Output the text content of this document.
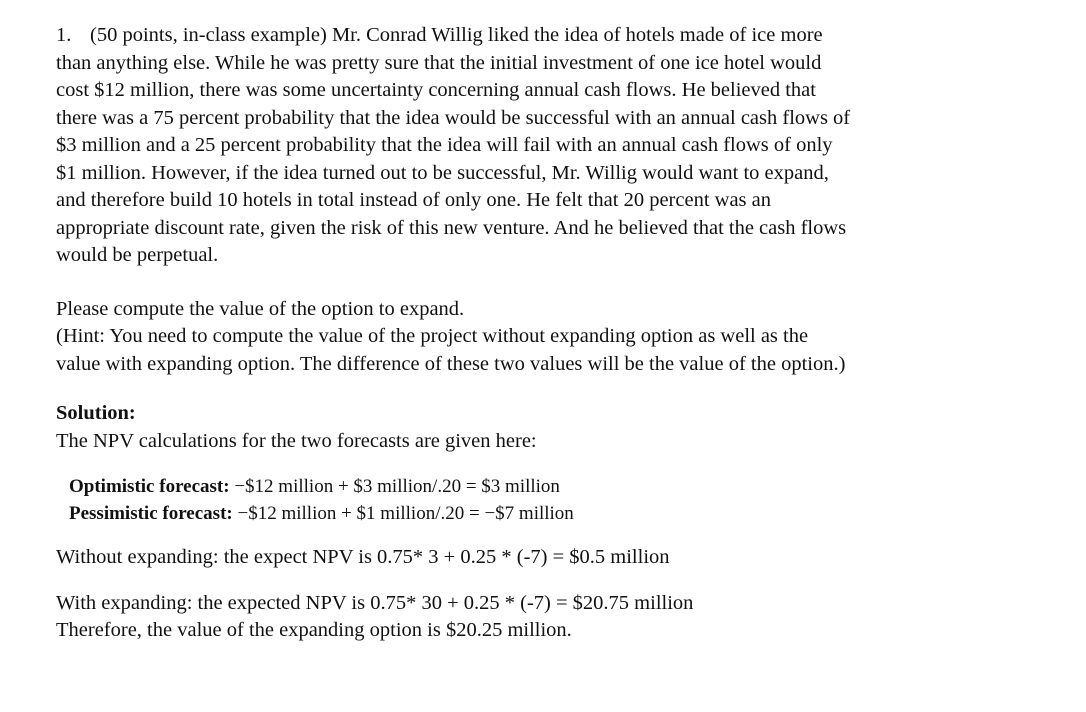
1. (50 points, in-class example) Mr. Conrad Willig liked the idea of hotels made of ice more
than anything else. While he was pretty sure that the initial investment of one ice hotel would
cost $12 million, there was some uncertainty concerning annual cash flows. He believed that
there was a 75 percent probability that the idea would be successful with an annual cash flows of
$3 million and a 25 percent probability that the idea will fail with an annual cash flows of only
$1 million. However, if the idea turned out to be successful, Mr. Willig would want to expand,
and therefore build 10 hotels in total instead of only one. He felt that 20 percent was an
appropriate discount rate, given the risk of this new venture. And he believed that the cash flows
would be perpetual.

Please compute the value of the option to expand.
(Hint: You need to compute the value of the project without expanding option as well as the
value with expanding option. The difference of these two values will be the value of the option.)

Solution:
The NPV calculations for the two forecasts are given here:

Optimistic forecast: −$12 million + $3 million/.20 = $3 million
Pessimistic forecast: −$12 million + $1 million/.20 = −$7 million

Without expanding: the expect NPV is 0.75* 3 + 0.25 * (-7) = $0.5 million

With expanding: the expected NPV is 0.75* 30 + 0.25 * (-7) = $20.75 million
Therefore, the value of the expanding option is $20.25 million.
